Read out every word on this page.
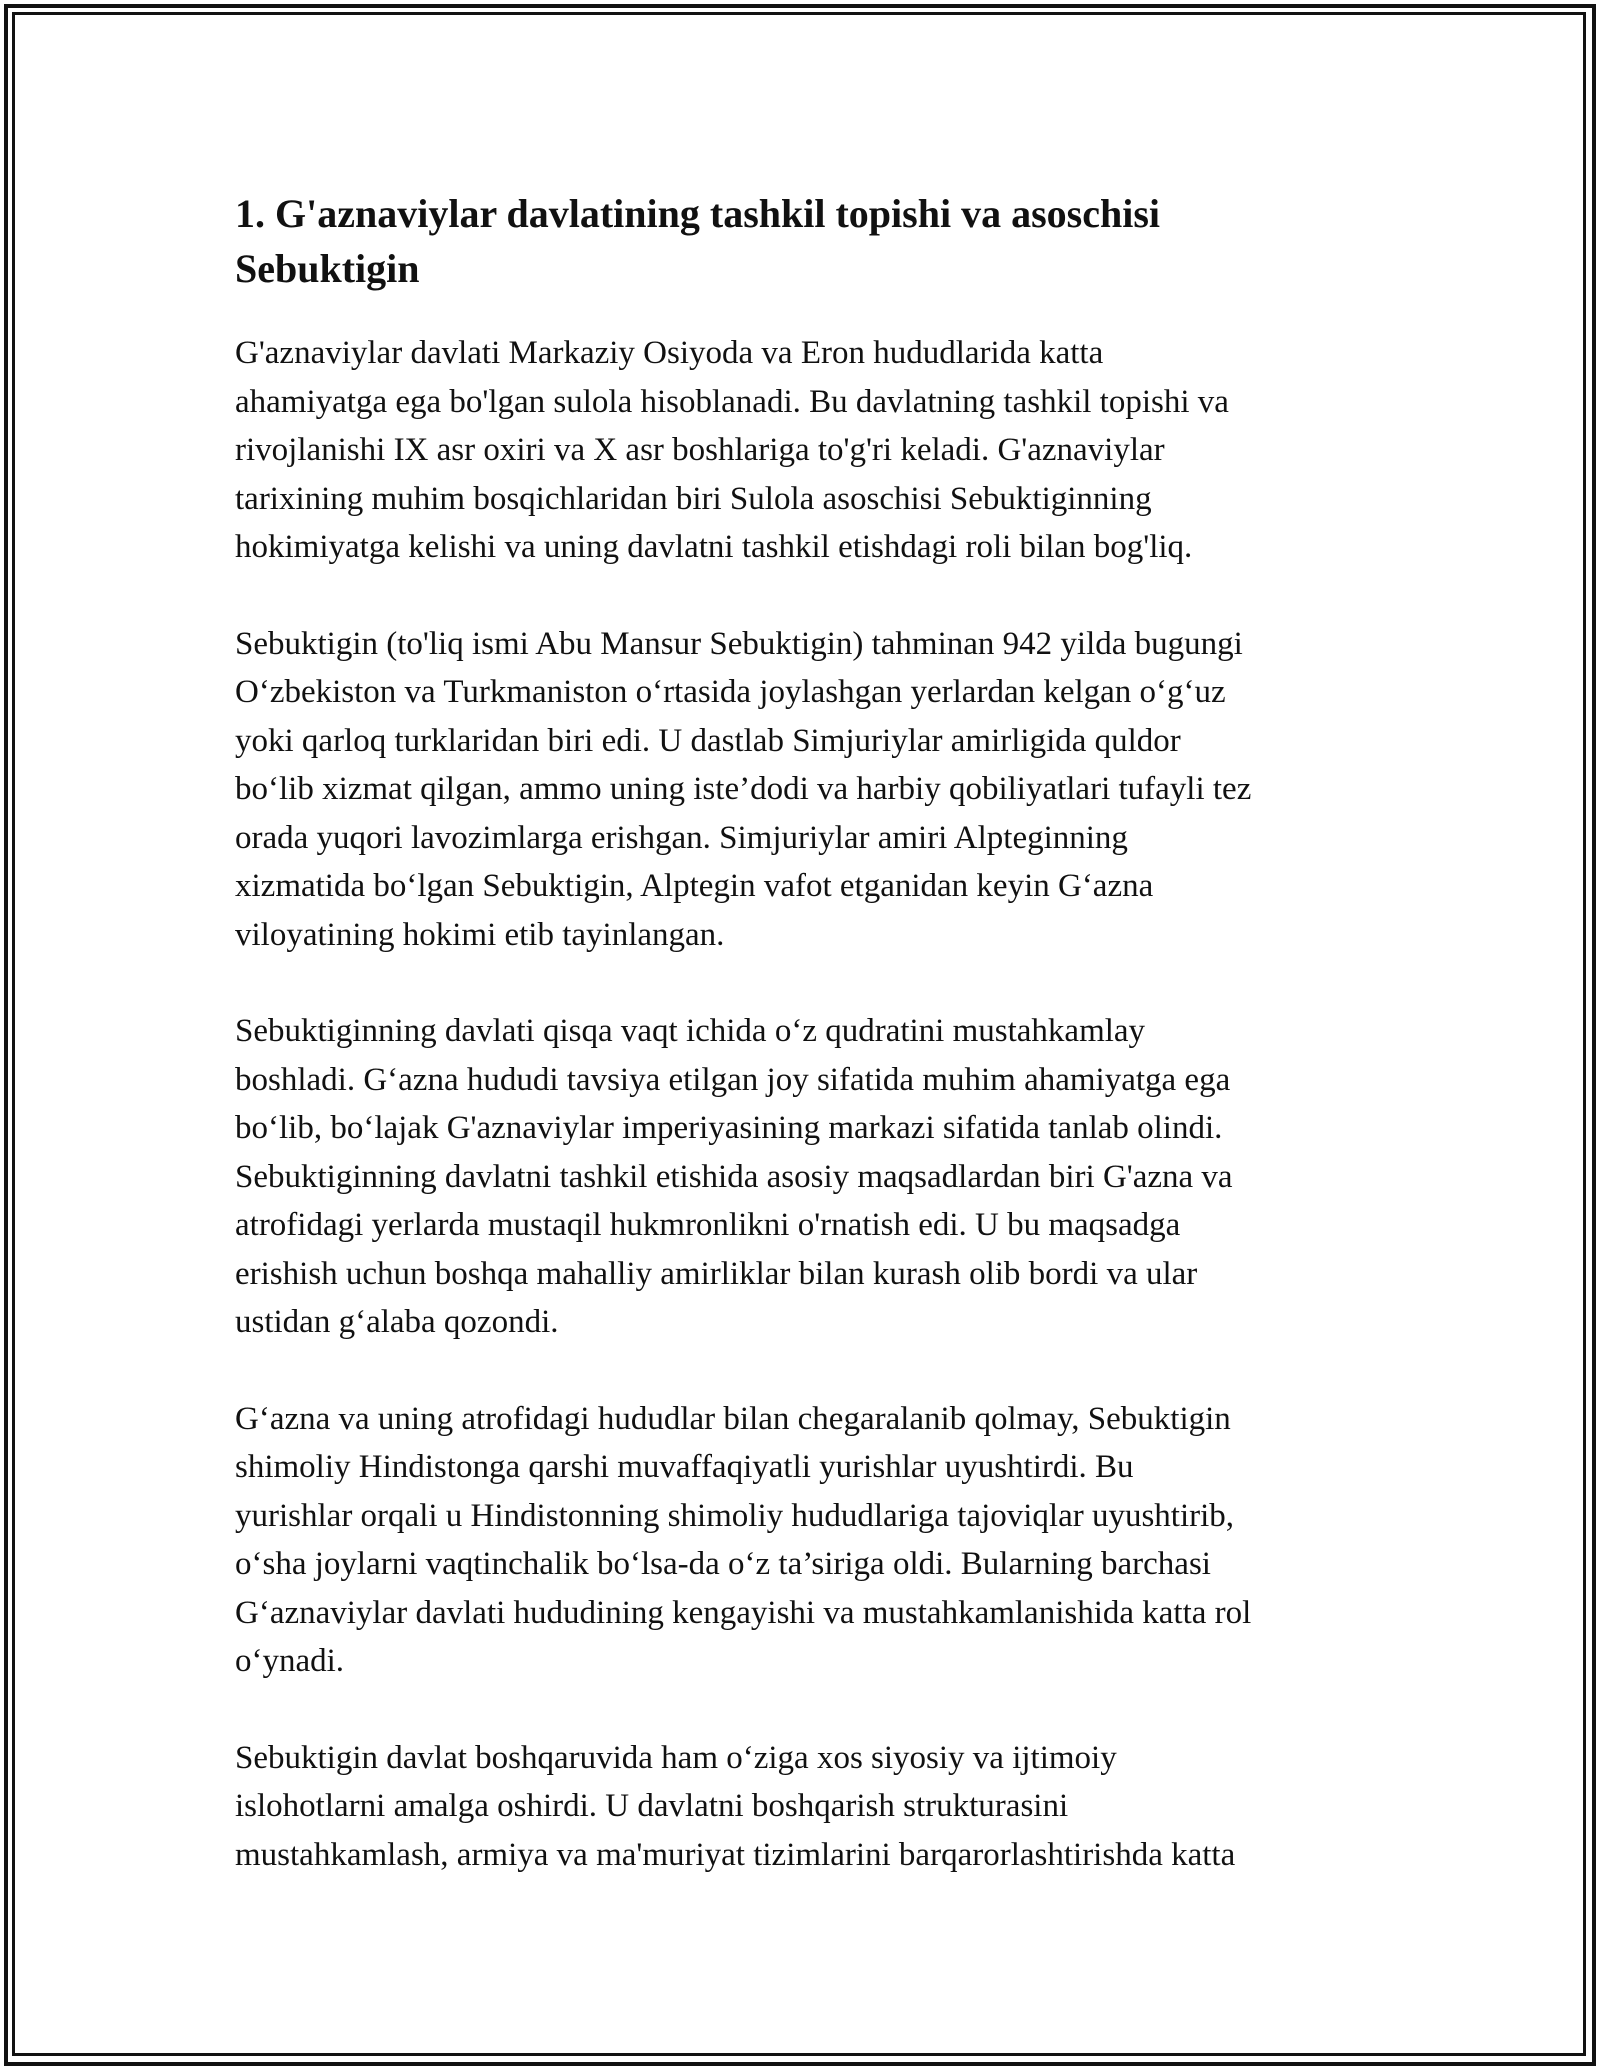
1. G'aznaviylar davlatining tashkil topishi va asoschisi
Sebuktigin

G'aznaviylar davlati Markaziy Osiyoda va Eron hududlarida katta
ahamiyatga ega bo'lgan sulola hisoblanadi. Bu davlatning tashkil topishi va
rivojlanishi IX asr oxiri va X asr boshlariga to'g'ri keladi. G'aznaviylar
tarixining muhim bosqichlaridan biri Sulola asoschisi Sebuktiginning
hokimiyatga kelishi va uning davlatni tashkil etishdagi roli bilan bog'liq.

Sebuktigin (to'liq ismi Abu Mansur Sebuktigin) tahminan 942 yilda bugungi
O‘zbekiston va Turkmaniston o‘rtasida joylashgan yerlardan kelgan o‘g‘uz
yoki qarloq turklaridan biri edi. U dastlab Simjuriylar amirligida quldor
bo‘lib xizmat qilgan, ammo uning iste’dodi va harbiy qobiliyatlari tufayli tez
orada yuqori lavozimlarga erishgan. Simjuriylar amiri Alpteginning
xizmatida bo‘lgan Sebuktigin, Alptegin vafot etganidan keyin G‘azna
viloyatining hokimi etib tayinlangan.

Sebuktiginning davlati qisqa vaqt ichida o‘z qudratini mustahkamlay
boshladi. G‘azna hududi tavsiya etilgan joy sifatida muhim ahamiyatga ega
bo‘lib, bo‘lajak G'aznaviylar imperiyasining markazi sifatida tanlab olindi.
Sebuktiginning davlatni tashkil etishida asosiy maqsadlardan biri G'azna va
atrofidagi yerlarda mustaqil hukmronlikni o'rnatish edi. U bu maqsadga
erishish uchun boshqa mahalliy amirliklar bilan kurash olib bordi va ular
ustidan g‘alaba qozondi.

G‘azna va uning atrofidagi hududlar bilan chegaralanib qolmay, Sebuktigin
shimoliy Hindistonga qarshi muvaffaqiyatli yurishlar uyushtirdi. Bu
yurishlar orqali u Hindistonning shimoliy hududlariga tajoviqlar uyushtirib,
o‘sha joylarni vaqtinchalik bo‘lsa-da o‘z ta’siriga oldi. Bularning barchasi
G‘aznaviylar davlati hududining kengayishi va mustahkamlanishida katta rol
o‘ynadi.

Sebuktigin davlat boshqaruvida ham o‘ziga xos siyosiy va ijtimoiy
islohotlarni amalga oshirdi. U davlatni boshqarish strukturasini
mustahkamlash, armiya va ma'muriyat tizimlarini barqarorlashtirishda katta
